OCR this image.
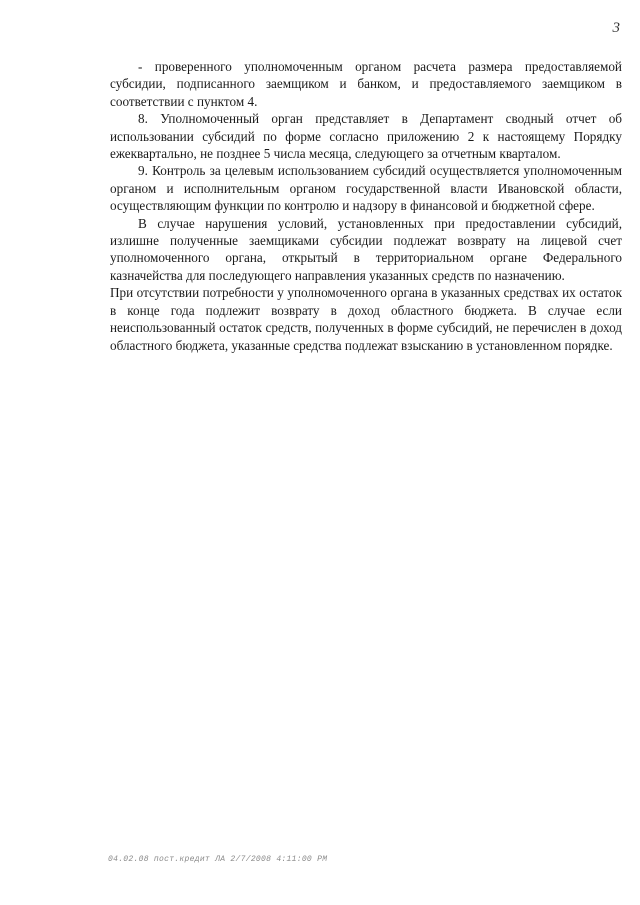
3

- проверенного уполномоченным органом расчета размера предоставляемой субсидии, подписанного заемщиком и банком, и предоставляемого заемщиком в соответствии с пунктом 4.

8. Уполномоченный орган представляет в Департамент сводный отчет об использовании субсидий по форме согласно приложению 2 к настоящему Порядку ежеквартально, не позднее 5 числа месяца, следующего за отчетным кварталом.

9. Контроль за целевым использованием субсидий осуществляется уполномоченным органом и исполнительным органом государственной власти Ивановской области, осуществляющим функции по контролю и надзору в финансовой и бюджетной сфере.

В случае нарушения условий, установленных при предоставлении субсидий, излишне полученные заемщиками субсидии подлежат возврату на лицевой счет уполномоченного органа, открытый в территориальном органе Федерального казначейства для последующего направления указанных средств по назначению.

При отсутствии потребности у уполномоченного органа в указанных средствах их остаток в конце года подлежит возврату в доход областного бюджета. В случае если неиспользованный остаток средств, полученных в форме субсидий, не перечислен в доход областного бюджета, указанные средства подлежат взысканию в установленном порядке.

04.02.08 пост.кредит ЛА 2/7/2008 4:11:00 PM
